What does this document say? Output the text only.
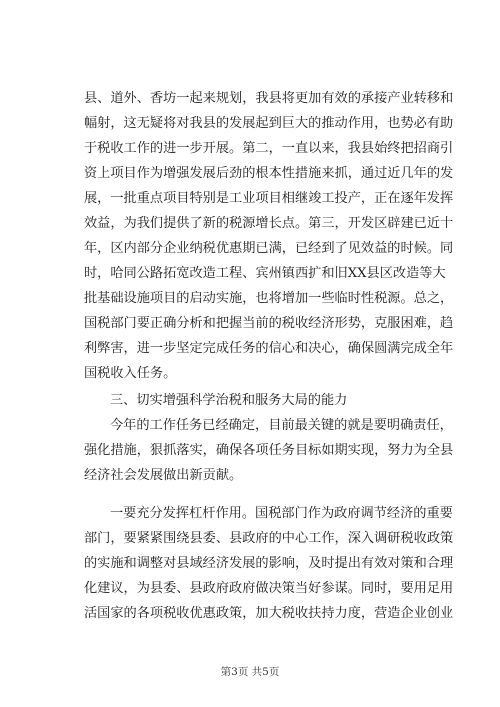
县、道外、香坊一起来规划，我县将更加有效的承接产业转移和
幅射，这无疑将对我县的发展起到巨大的推动作用，也势必有助
于税收工作的进一步开展。第二，一直以来，我县始终把招商引
资上项目作为增强发展后劲的根本性措施来抓，通过近几年的发
展，一批重点项目特别是工业项目相继竣工投产，正在逐年发挥
效益，为我们提供了新的税源增长点。第三，开发区辟建已近十
年，区内部分企业纳税优惠期已满，已经到了见效益的时候。同
时，哈同公路拓宽改造工程、宾州镇西扩和旧XX县区改造等大
批基础设施项目的启动实施，也将增加一些临时性税源。总之，
国税部门要正确分析和把握当前的税收经济形势，克服困难，趋
利弊害，进一步坚定完成任务的信心和决心，确保圆满完成全年
国税收入任务。
三、切实增强科学治税和服务大局的能力
今年的工作任务已经确定，目前最关键的就是要明确责任，
强化措施，狠抓落实，确保各项任务目标如期实现，努力为全县
经济社会发展做出新贡献。
一要充分发挥杠杆作用。国税部门作为政府调节经济的重要
部门，要紧紧围绕县委、县政府的中心工作，深入调研税收政策
的实施和调整对县域经济发展的影响，及时提出有效对策和合理
化建议，为县委、县政府政府做决策当好参谋。同时，要用足用
活国家的各项税收优惠政策，加大税收扶持力度，营造企业创业
第3页 共5页
